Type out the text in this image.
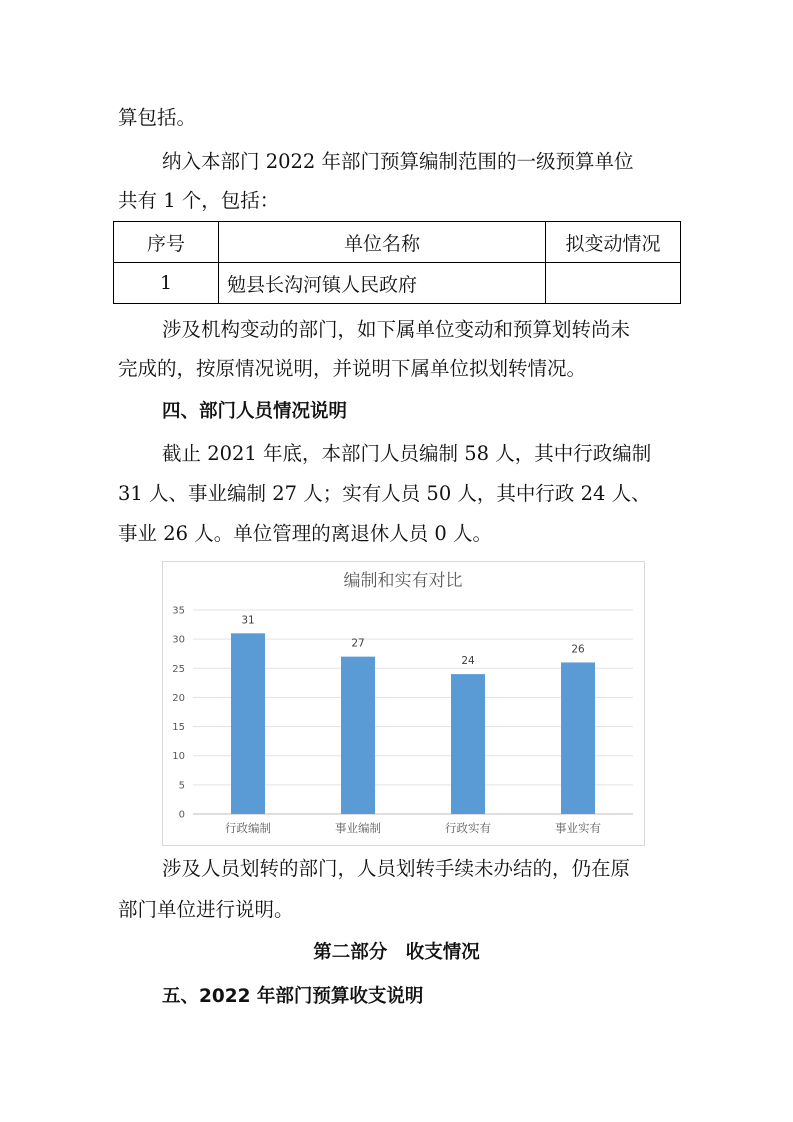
算包括。

纳入本部门 2022 年部门预算编制范围的一级预算单位

共有 1 个，包括：

序号	单位名称	拟变动情况
1	勉县长沟河镇人民政府	

涉及机构变动的部门，如下属单位变动和预算划转尚未

完成的，按原情况说明，并说明下属单位拟划转情况。

四、部门人员情况说明

截止 2021 年底，本部门人员编制 58 人，其中行政编制

31 人、事业编制 27 人；实有人员 50 人，其中行政 24 人、

事业 26 人。单位管理的离退休人员 0 人。

编制和实有对比
0
5
10
15
20
25
30
35
31
行政编制
27
事业编制
24
行政实有
26
事业实有

涉及人员划转的部门，人员划转手续未办结的，仍在原

部门单位进行说明。

第二部分　收支情况

五、2022 年部门预算收支说明
